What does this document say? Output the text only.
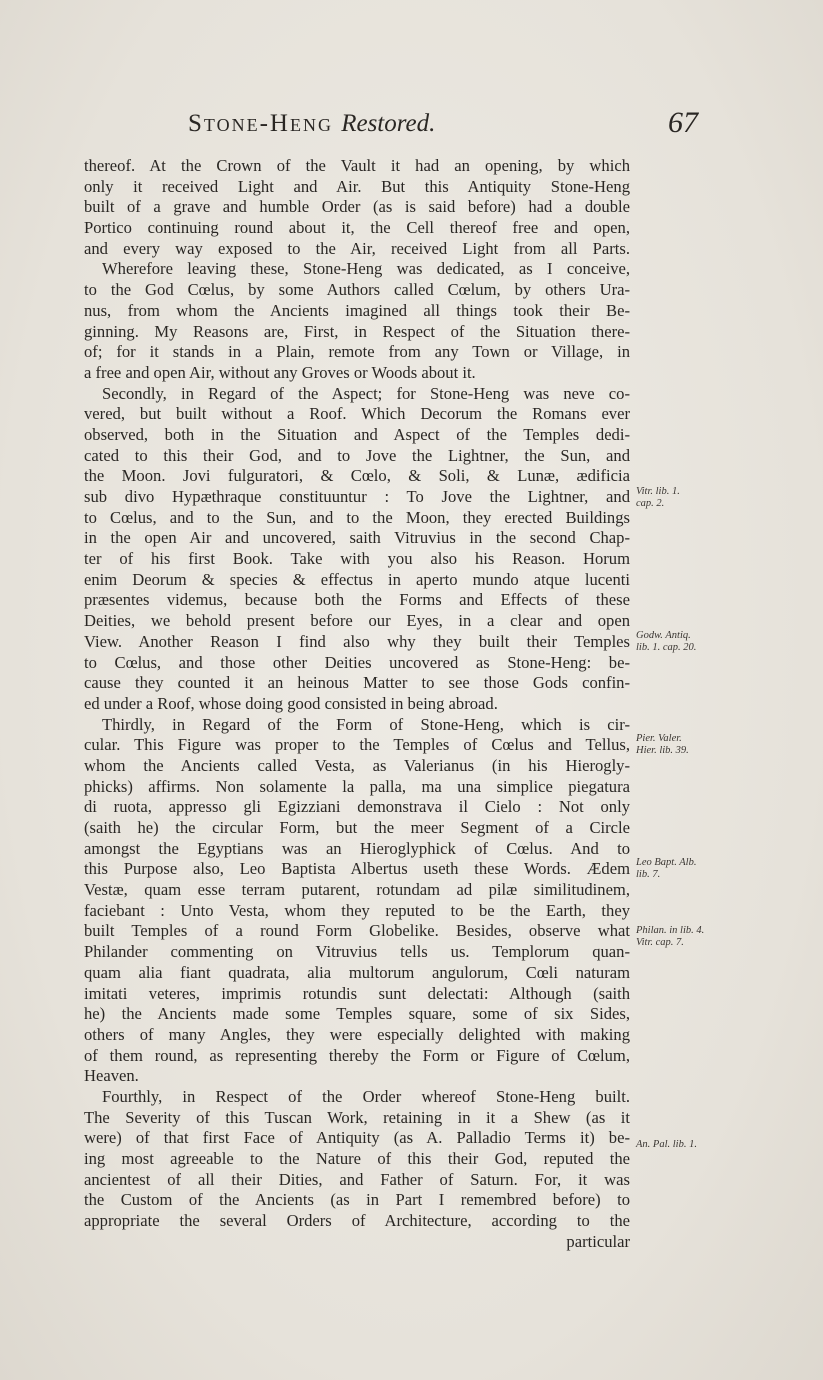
Stone-Heng Restored.	67
thereof. At the Crown of the Vault it had an opening, by which
only it received Light and Air. But this Antiquity Stone-Heng
built of a grave and humble Order (as is said before) had a double
Portico continuing round about it, the Cell thereof free and open,
and every way exposed to the Air, received Light from all Parts.
Wherefore leaving these, Stone-Heng was dedicated, as I conceive,
to the God Cœlus, by some Authors called Cœlum, by others Ura-
nus, from whom the Ancients imagined all things took their Be-
ginning. My Reasons are, First, in Respect of the Situation there-
of; for it stands in a Plain, remote from any Town or Village, in
a free and open Air, without any Groves or Woods about it.
Secondly, in Regard of the Aspect; for Stone-Heng was neve co-
vered, but built without a Roof. Which Decorum the Romans ever
observed, both in the Situation and Aspect of the Temples dedi-
cated to this their God, and to Jove the Lightner, the Sun, and
the Moon. Jovi fulguratori, & Cœlo, & Soli, & Lunæ, ædificia
sub divo Hypæthraque constituuntur : To Jove the Lightner, and
to Cœlus, and to the Sun, and to the Moon, they erected Buildings
in the open Air and uncovered, saith Vitruvius in the second Chap-
ter of his first Book. Take with you also his Reason. Horum
enim Deorum & species & effectus in aperto mundo atque lucenti
præsentes videmus, because both the Forms and Effects of these
Deities, we behold present before our Eyes, in a clear and open
View. Another Reason I find also why they built their Temples
to Cœlus, and those other Deities uncovered as Stone-Heng: be-
cause they counted it an heinous Matter to see those Gods confin-
ed under a Roof, whose doing good consisted in being abroad.
Thirdly, in Regard of the Form of Stone-Heng, which is cir-
cular. This Figure was proper to the Temples of Cœlus and Tellus,
whom the Ancients called Vesta, as Valerianus (in his Hierogly-
phicks) affirms. Non solamente la palla, ma una simplice piegatura
di ruota, appresso gli Egizziani demonstrava il Cielo : Not only
(saith he) the circular Form, but the meer Segment of a Circle
amongst the Egyptians was an Hieroglyphick of Cœlus. And to
this Purpose also, Leo Baptista Albertus useth these Words. Ædem
Vestæ, quam esse terram putarent, rotundam ad pilæ similitudinem,
faciebant : Unto Vesta, whom they reputed to be the Earth, they
built Temples of a round Form Globelike. Besides, observe what
Philander commenting on Vitruvius tells us. Templorum quan-
quam alia fiant quadrata, alia multorum angulorum, Cœli naturam
imitati veteres, imprimis rotundis sunt delectati: Although (saith
he) the Ancients made some Temples square, some of six Sides,
others of many Angles, they were especially delighted with making
of them round, as representing thereby the Form or Figure of Cœlum,
Heaven.
Fourthly, in Respect of the Order whereof Stone-Heng built.
The Severity of this Tuscan Work, retaining in it a Shew (as it
were) of that first Face of Antiquity (as A. Palladio Terms it) be-
ing most agreeable to the Nature of this their God, reputed the
ancientest of all their Dities, and Father of Saturn. For, it was
the Custom of the Ancients (as in Part I remembred before) to
appropriate the several Orders of Architecture, according to the
particular
Vitr. lib. 1.
cap. 2.
Godw. Antiq.
lib. 1. cap. 20.
Pier. Valer.
Hier. lib. 39.
Leo Bapt. Alb.
lib. 7.
Philan. in lib. 4.
Vitr. cap. 7.
An. Pal. lib. 1.
